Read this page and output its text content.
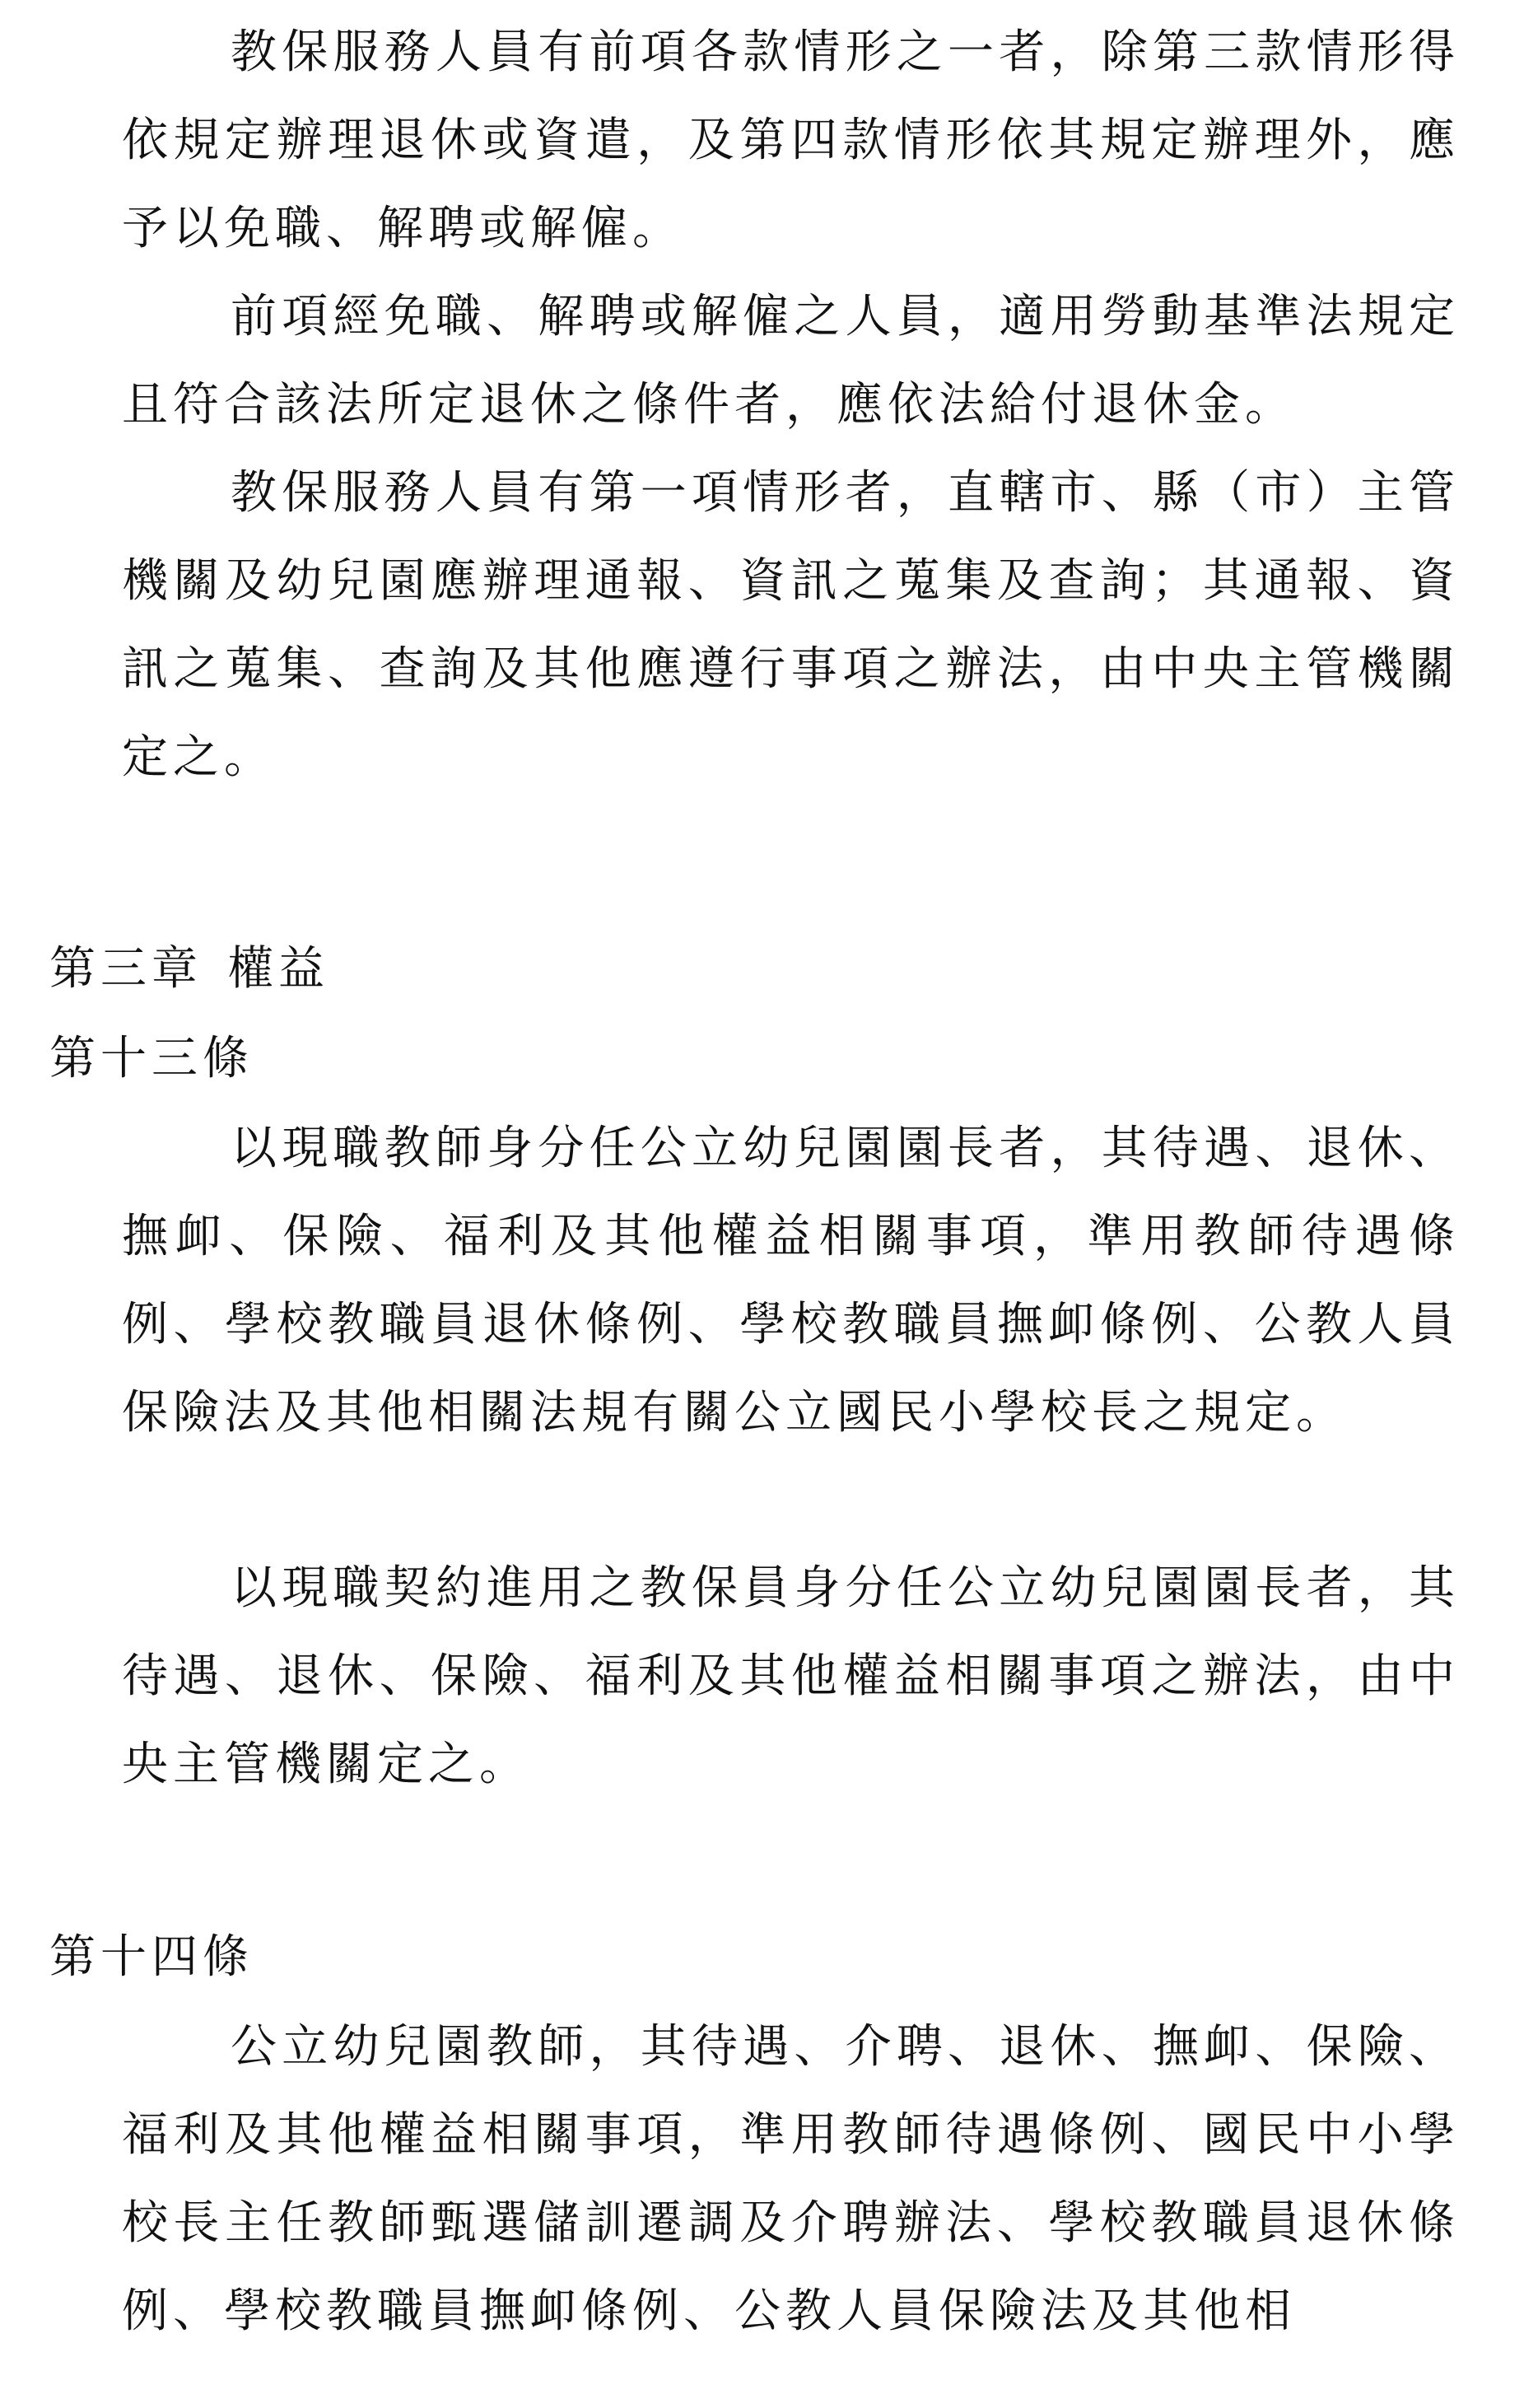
教保服務人員有前項各款情形之一者，除第三款情形得依規定辦理退休或資遣，及第四款情形依其規定辦理外，應予以免職、解聘或解僱。

前項經免職、解聘或解僱之人員，適用勞動基準法規定且符合該法所定退休之條件者，應依法給付退休金。

教保服務人員有第一項情形者，直轄市、縣（市）主管機關及幼兒園應辦理通報、資訊之蒐集及查詢；其通報、資訊之蒐集、查詢及其他應遵行事項之辦法，由中央主管機關定之。

第三章 權益
第十三條

以現職教師身分任公立幼兒園園長者，其待遇、退休、撫卹、保險、福利及其他權益相關事項，準用教師待遇條例、學校教職員退休條例、學校教職員撫卹條例、公教人員保險法及其他相關法規有關公立國民小學校長之規定。

以現職契約進用之教保員身分任公立幼兒園園長者，其待遇、退休、保險、福利及其他權益相關事項之辦法，由中央主管機關定之。

第十四條

公立幼兒園教師，其待遇、介聘、退休、撫卹、保險、福利及其他權益相關事項，準用教師待遇條例、國民中小學校長主任教師甄選儲訓遷調及介聘辦法、學校教職員退休條例、學校教職員撫卹條例、公教人員保險法及其他相
